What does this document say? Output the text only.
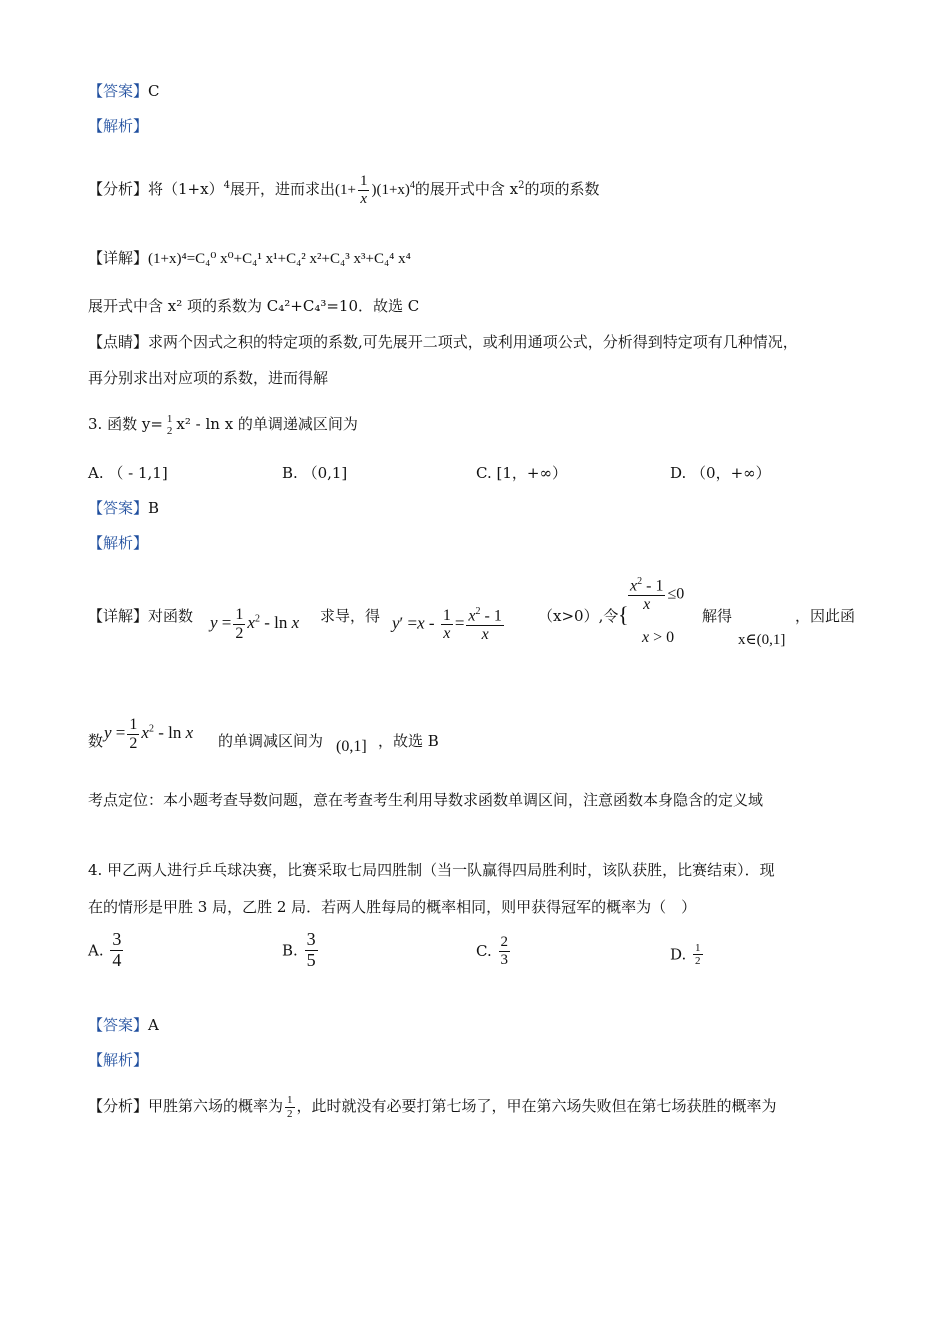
【答案】C
【解析】
【分析】将$(1+x)^4$展开，进而求出$(1+ \frac{1}{x} )(1+x)^4$的展开式中含 $x^2$的项的系数
【详解】(1+x)⁴=C₄⁰ x⁰+C₄¹ x¹+C₄² x²+C₄³ x³+C₄⁴ x⁴
展开式中含 x² 项的系数为 C₄²+C₄³=10．故选 C
【点睛】求两个因式之积的特定项的系数,可先展开二项式，或利用通项公式，分析得到特定项有几种情况，
再分别求出对应项的系数，进而得解
3. 函数 y= 1
2 x² - ln x 的单调递减区间为
A. （ - 1,1]	B. （0,1]	C. [1，+∞）	D. （0，+∞）
【答案】B
【解析】
【详解】对函数 $y = \frac{1}{2} x^2 - \ln x$ 求导，得 $y' =x - \frac{1}{x} = \frac{x^2 - 1}{x} (x>0)$,令 {
$\frac{x^2 - 1}{x} \le 0$
x > 0
解得
x∈(0,1]
，因此函
数 $y = \frac{1}{2} x^2 - \ln x$ 的单调减区间为 (0,1] ，故选 B
考点定位：本小题考查导数问题，意在考查考生利用导数求函数单调区间，注意函数本身隐含的定义域
4. 甲乙两人进行乒乓球决赛，比赛采取七局四胜制（当一队赢得四局胜利时，该队获胜，比赛结束）．现
在的情形是甲胜 3 局，乙胜 2 局．若两人胜每局的概率相同，则甲获得冠军的概率为（　）
A. $\frac{3}{4}$	B. $\frac{3}{5}$	C. $\frac{2}{3}$	D. $\frac{1}{2}$
【答案】A
【解析】
【分析】甲胜第六场的概率为 $\frac{1}{2}$ ，此时就没有必要打第七场了，甲在第六场失败但在第七场获胜的概率为
